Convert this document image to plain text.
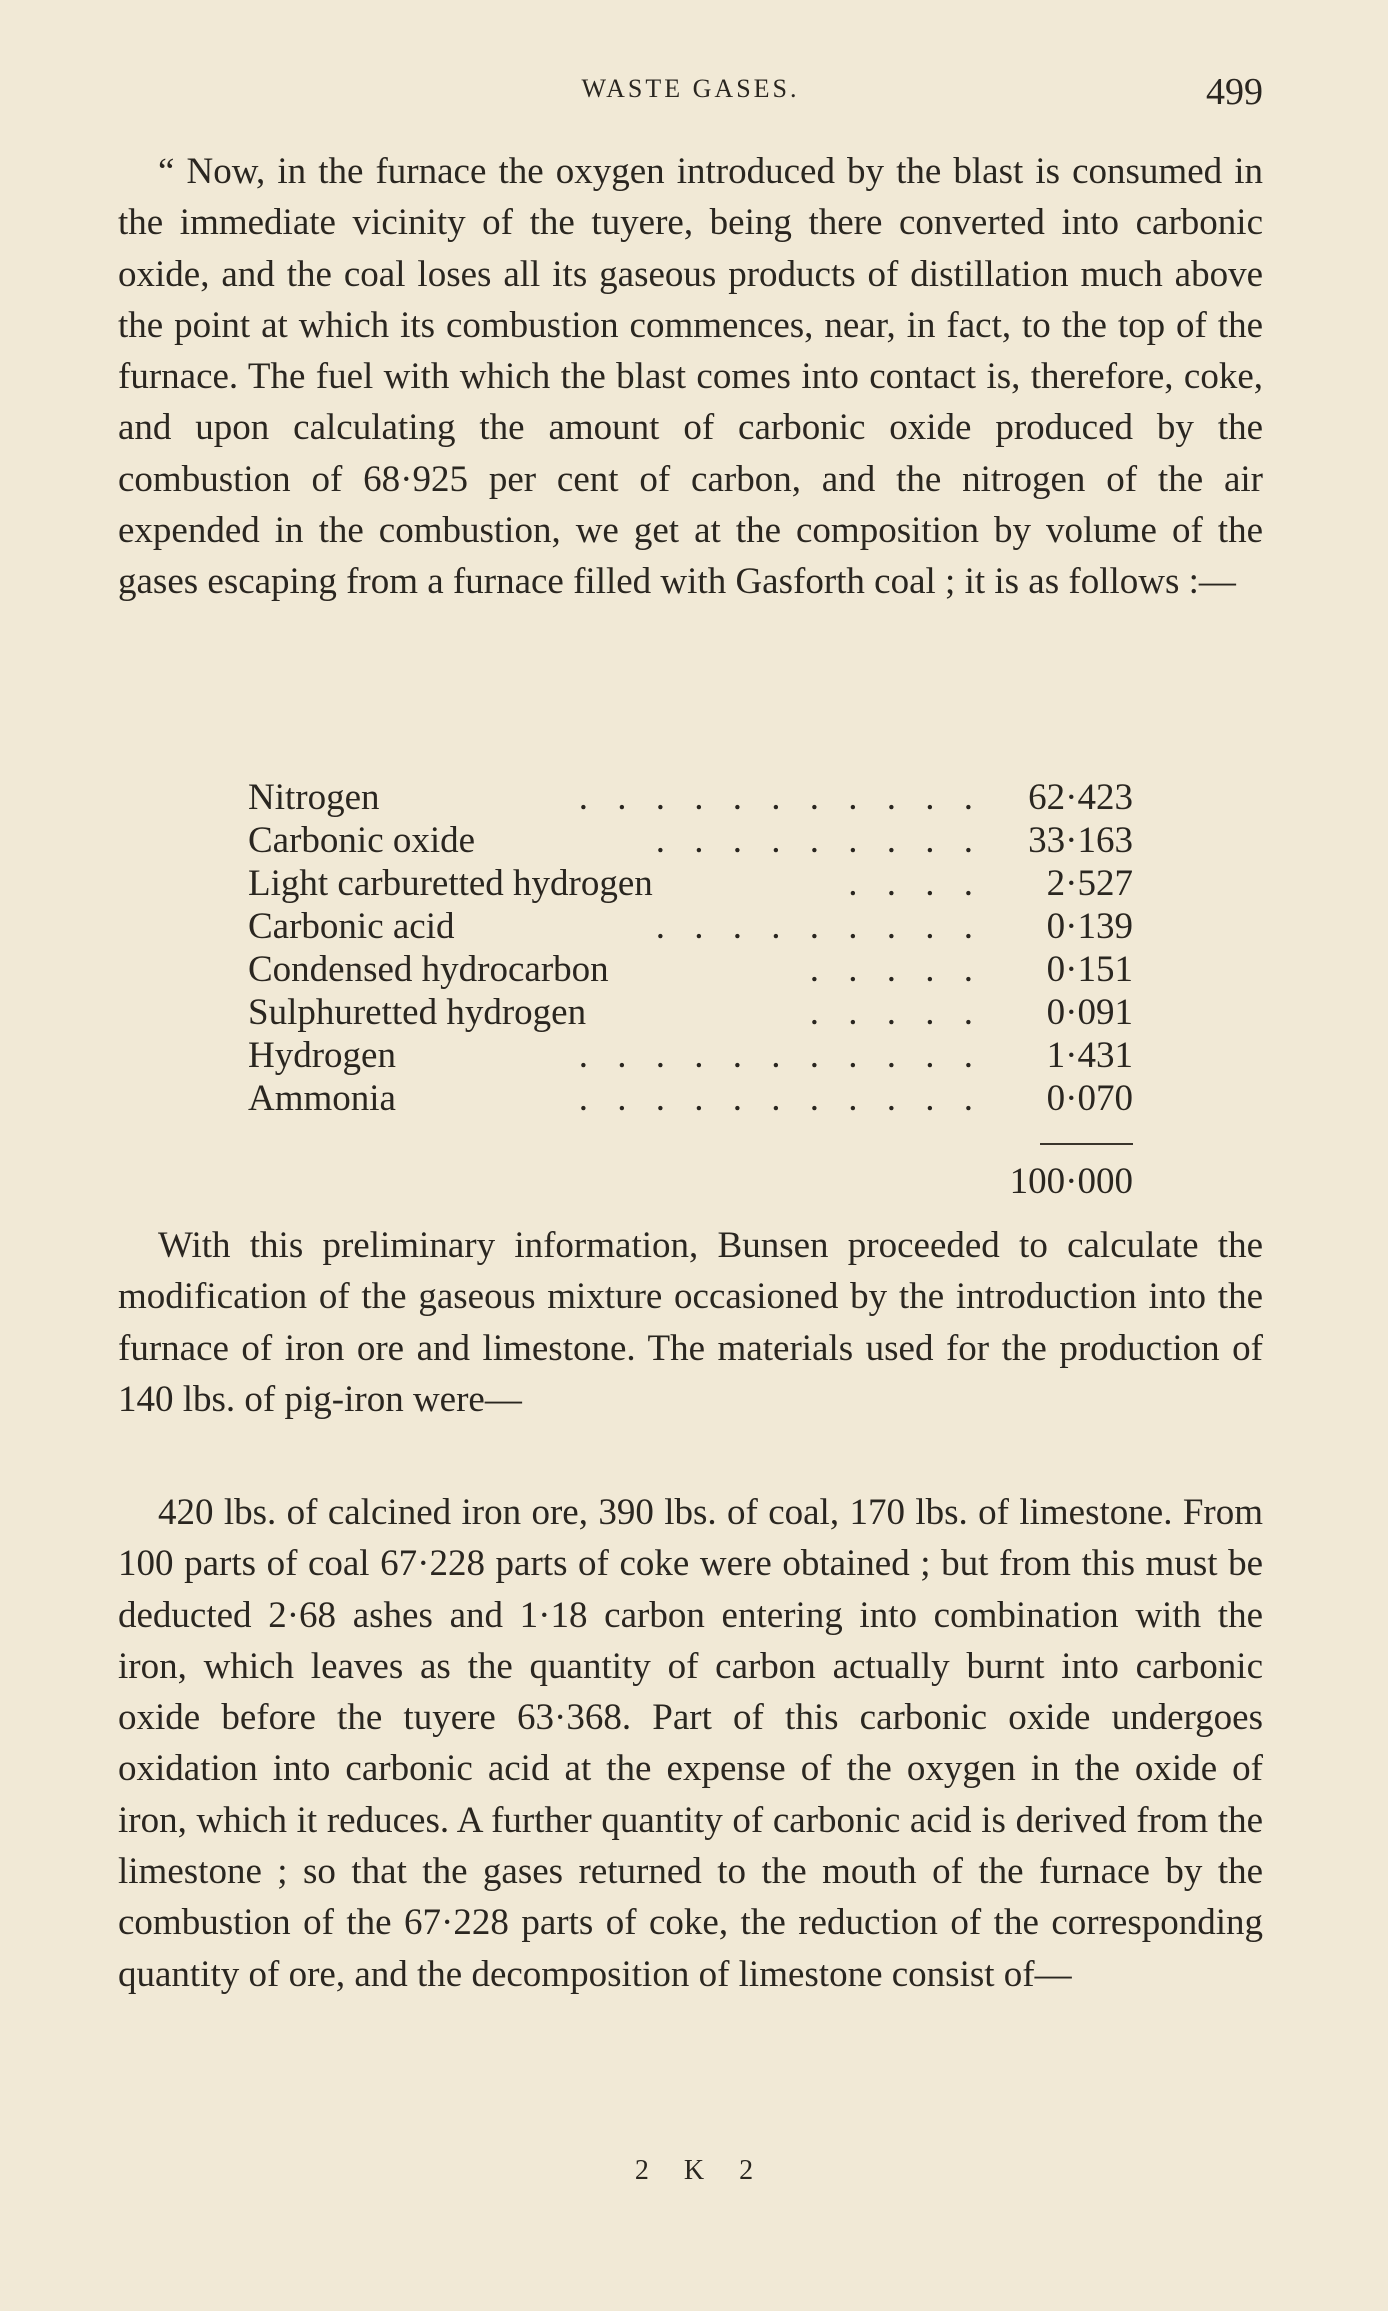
WASTE GASES.	499

“ Now, in the furnace the oxygen introduced by the blast is consumed in the immediate vicinity of the tuyere, being there converted into carbonic oxide, and the coal loses all its gaseous products of distillation much above the point at which its combustion commences, near, in fact, to the top of the furnace. The fuel with which the blast comes into contact is, therefore, coke, and upon calculating the amount of carbonic oxide produced by the combustion of 68·925 per cent of carbon, and the nitrogen of the air expended in the combustion, we get at the composition by volume of the gases escaping from a furnace filled with Gasforth coal ; it is as follows :—

Nitrogen	. . . . . . . . . . .	62·423
Carbonic oxide	. . . . . . . . .	33·163
Light carburetted hydrogen	. . . .	2·527
Carbonic acid	. . . . . . . . .	0·139
Condensed hydrocarbon	. . . . .	0·151
Sulphuretted hydrogen	. . . . .	0·091
Hydrogen	. . . . . . . . . . .	1·431
Ammonia	. . . . . . . . . . .	0·070
100·000

With this preliminary information, Bunsen proceeded to calculate the modification of the gaseous mixture occasioned by the introduction into the furnace of iron ore and limestone. The materials used for the production of 140 lbs. of pig-iron were—

420 lbs. of calcined iron ore, 390 lbs. of coal, 170 lbs. of limestone. From 100 parts of coal 67·228 parts of coke were obtained ; but from this must be deducted 2·68 ashes and 1·18 carbon entering into combination with the iron, which leaves as the quantity of carbon actually burnt into carbonic oxide before the tuyere 63·368. Part of this carbonic oxide undergoes oxidation into carbonic acid at the expense of the oxygen in the oxide of iron, which it reduces. A further quantity of carbonic acid is derived from the limestone ; so that the gases returned to the mouth of the furnace by the combustion of the 67·228 parts of coke, the reduction of the corresponding quantity of ore, and the decomposition of limestone consist of—

2 K 2
